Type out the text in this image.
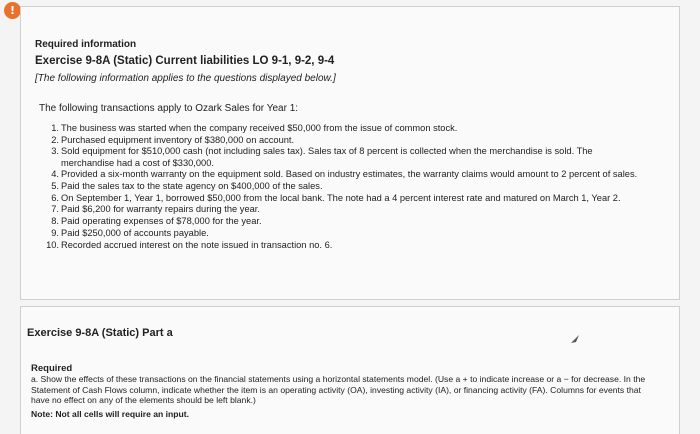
!
Required information
Exercise 9-8A (Static) Current liabilities LO 9-1, 9-2, 9-4
[The following information applies to the questions displayed below.]
The following transactions apply to Ozark Sales for Year 1:
1. The business was started when the company received $50,000 from the issue of common stock.
2. Purchased equipment inventory of $380,000 on account.
3. Sold equipment for $510,000 cash (not including sales tax). Sales tax of 8 percent is collected when the merchandise is sold. The merchandise had a cost of $330,000.
4. Provided a six-month warranty on the equipment sold. Based on industry estimates, the warranty claims would amount to 2 percent of sales.
5. Paid the sales tax to the state agency on $400,000 of the sales.
6. On September 1, Year 1, borrowed $50,000 from the local bank. The note had a 4 percent interest rate and matured on March 1, Year 2.
7. Paid $6,200 for warranty repairs during the year.
8. Paid operating expenses of $78,000 for the year.
9. Paid $250,000 of accounts payable.
10. Recorded accrued interest on the note issued in transaction no. 6.
Exercise 9-8A (Static) Part a
Required
a. Show the effects of these transactions on the financial statements using a horizontal statements model. (Use a + to indicate increase or a − for decrease. In the Statement of Cash Flows column, indicate whether the item is an operating activity (OA), investing activity (IA), or financing activity (FA). Columns for events that have no effect on any of the elements should be left blank.)
Note: Not all cells will require an input.
